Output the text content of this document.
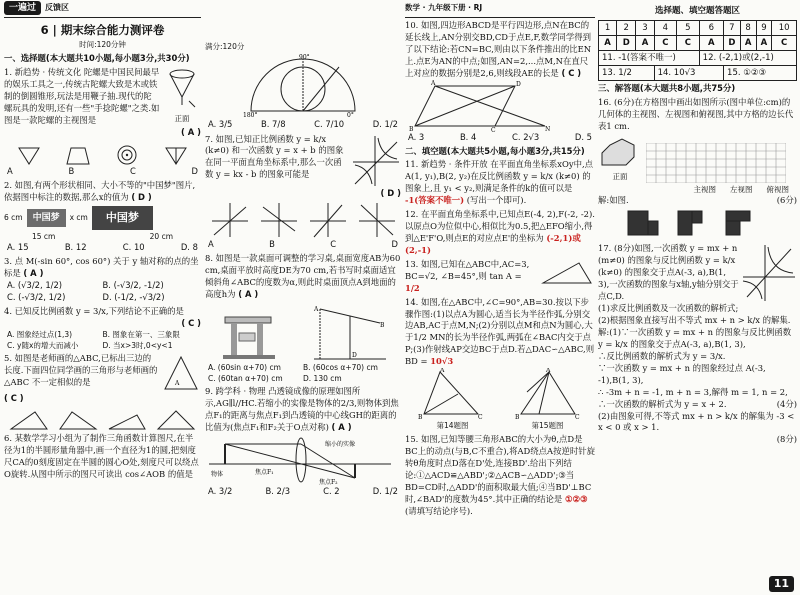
一遍过	反馈区
6 | 期末综合能力测评卷
时间:120分钟
一、选择题(本大题共10小题,每小题3分,共30分)
1. 新趋势 · 传统文化 陀螺是中国民间最早的娱乐工具之一,传统古陀螺大致是木或铁制的倒圆锥形,玩法是用鞭子抽.现代的陀螺玩具的发明,还有一些"手捻陀螺"之类.如图是一款陀螺的主视图是	正面
( A )
A	B	C	D
2. 如图,有两个形状相同、大小不等的"中国梦"图片,依据图中标注的数据,那么x的值为 ( D )
6 cm	中国梦	x cm	中国梦
15 cm	20 cm
A. 15	B. 12	C. 10	D. 8
3. 点 M(-sin 60°, cos 60°) 关于 y 轴对称的点的坐标是 ( A )
A. (√3/2, 1/2)	B. (-√3/2, -1/2)
C. (-√3/2, 1/2)	D. (-1/2, -√3/2)
4. 已知反比例函数 y = 3/x,下列结论不正确的是
( C )
A. 图象经过点(1,3)	B. 图象在第一、三象限
C. y随x的增大而减小	D. 当x>3时,0<y<1
5. 如图是老师画的△ABC,已标出三边的长度.下面四位同学画的三角形与老师画的△ABC 不一定相似的是	A
( C )
6. 某数学学习小组为了制作三角函数计算图尺,在半径为1的半圆形量角器中,画一个直径为1的圆,把刻度尺CA的0刻度固定在半圆的圆心O处,刻度尺可以绕点O旋转.从图中所示的图尺可读出 cos∠AOB 的值是
满分:120分
90°
0°
180°
A. 3/5	B. 7/8	C. 7/10	D. 1/2
7. 如图,已知正比例函数 y = k/x (k≠0) 和一次函数 y = x + b 的图象在同一平面直角坐标系中,那么一次函数 y = kx - b 的图象可能是
( D )
A	B	C	D
8. 如图是一款桌面可调整的学习桌,桌面宽度AB为60 cm,桌面平放时高度DE为70 cm,若书写时桌面适宜倾斜角∠ABC的度数为α,则此时桌面顶点A到地面的高度h为 ( A )
A
B
D
A. (60sin α+70) cm	B. (60cos α+70) cm
C. (60tan α+70) cm	D. 130 cm
9. 跨学科 · 物理 凸透镜成像的原理如图所示,AG∥l//HC.若缩小的实像是物体的2/3,则物体到焦点F₁的距离与焦点F₁到凸透镜的中心线GH的距离的比值为(焦点F₁和F₂关于O点对称) ( A )
物体	焦点F₁
缩小的实像
焦点F₂
A. 3/2	B. 2/3	C. 2	D. 1/2
数学 · 九年级下册 · RJ
10. 如图,四边形ABCD是平行四边形,点N在BC的延长线上,AN分别交BD,CD于点E,F,数学同学得到了以下结论:若CN=BC,则由以下条件推出的比EN上.点E为AN的中点;如图,AN=2,...点M,N在直尺上对应的数据分别是2,6,则线段AE的长是 ( C )
A	D
B	C	N
A. 3	B. 4	C. 2√3	D. 5
二、填空题(本大题共5小题,每小题3分,共15分)
11. 新趋势 · 条件开放 在平面直角坐标系xOy中,点A(1, y₁),B(2, y₂)在反比例函数 y = k/x (k≠0) 的图象上,且 y₁ < y₂,则满足条件的k的值可以是 -1(答案不唯一) (写出一个即可).
12. 在平面直角坐标系中,已知点E(-4, 2),F(-2, -2).以原点O为位似中心,相似比为0.5,把△EFO缩小,得到△E'F'O,则点E的对应点E'的坐标为 (-2,1)或(2,-1)
13. 如图,已知在△ABC中,AC=3, BC=√2, ∠B=45°,则 tan A = 1/2
14. 如图,在△ABC中,∠C=90°,AB=30.按以下步骤作图:(1)以点A为圆心,适当长为半径作弧,分别交边AB,AC于点M,N;(2)分别以点M和点N为圆心,大于1/2 MN的长为半径作弧,两弧在∠BAC内交于点P;(3)作射线AP交边BC于点D.若△DAC∽△ABC,则BD = 10√3
B	C
A
第14题图
A
B	C
第15题图
15. 如图,已知等腰三角形ABC的大小为θ,点D是BC上的动点(与B,C不重合),将AD绕点A按逆时针旋转θ角度时点D落在D'处,连接BD'.给出下列结论:①△ACD≌△ABD';②△ACB∽△ADD';③当BD=CD时,△ADD'的面积取最大值;④当BD'⊥BC时,∠BAD'的度数为45°.其中正确的结论是 ①②③ (请填写结论序号).
选择题、填空题答题区
1	2	3	4	5	6	7	8	9	10
A	D	A	C	C	A	D	A	A	C
11. -1(答案不唯一)					12. (-2,1)或(2,-1)				
13. 1/2			14. 10√3			15. ①②③			
三、解答题(本大题共8小题,共75分)
16. (6分)在方格图中画出如图所示(图中单位:cm)的几何体的主视图、左视图和俯视图,其中方格的边长代表1 cm.
正面
主视图 左视图 俯视图
解:如图.	(6分)
17. (8分)如图,一次函数 y = mx + n (m≠0) 的图象与反比例函数 y = k/x (k≠0) 的图象交于点A(-3, a),B(1, 3),一次函数的图象与x轴,y轴分别交于点C,D.
(1)求反比例函数及一次函数的解析式;
(2)根据图象直接写出不等式 mx + n > k/x 的解集.
解:(1)∵一次函数 y = mx + n 的图象与反比例函数 y = k/x 的图象交于点A(-3, a),B(1, 3),
∴反比例函数的解析式为 y = 3/x.
∵一次函数 y = mx + n 的图象经过点 A(-3, -1),B(1, 3),
∴ -3m + n = -1, m + n = 3,解得 m = 1, n = 2,
∴一次函数的解析式为 y = x + 2.	(4分)
(2)由图象可得,不等式 mx + n > k/x 的解集为 -3 < x < 0 或 x > 1.
(8分)
11
